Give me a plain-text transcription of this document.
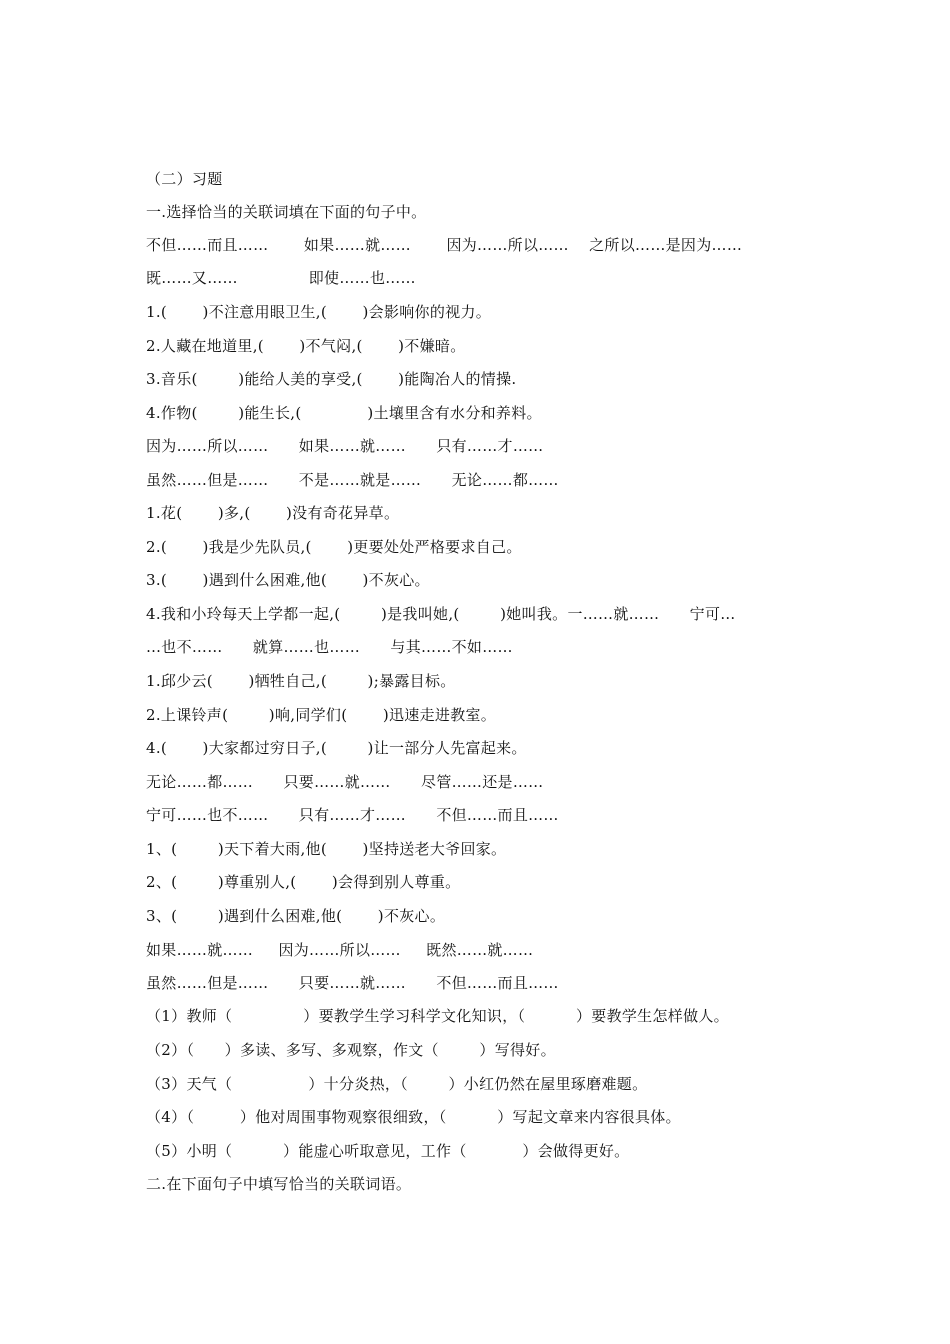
（二）习题
一.选择恰当的关联词填在下面的句子中。
不但……而且……       如果……就……       因为……所以……    之所以……是因为……
既……又……              即使……也……
1.(       )不注意用眼卫生,(       )会影响你的视力。
2.人藏在地道里,(       )不气闷,(       )不嫌暗。
3.音乐(        )能给人美的享受,(       )能陶冶人的情操.
4.作物(        )能生长,(             )土壤里含有水分和养料。
因为……所以……      如果……就……      只有……才……
虽然……但是……      不是……就是……      无论……都……
1.花(       )多,(       )没有奇花异草。
2.(       )我是少先队员,(       )更要处处严格要求自己。
3.(       )遇到什么困难,他(       )不灰心。
4.我和小玲每天上学都一起,(        )是我叫她,(        )她叫我。一……就……      宁可…
…也不……      就算……也……      与其……不如……
1.邱少云(       )牺牲自己,(        );暴露目标。
2.上课铃声(        )响,同学们(       )迅速走进教室。
4.(       )大家都过穷日子,(        )让一部分人先富起来。
无论……都……      只要……就……      尽管……还是……
宁可……也不……      只有……才……      不但……而且……
1、(        )天下着大雨,他(       )坚持送老大爷回家。
2、(        )尊重别人,(       )会得到别人尊重。
3、(        )遇到什么困难,他(       )不灰心。
如果……就……     因为……所以……     既然……就……
虽然……但是……      只要……就……      不但……而且……
（1）教师（              ）要教学生学习科学文化知识，（          ）要教学生怎样做人。
（2）（      ）多读、多写、多观察，作文（        ）写得好。
（3）天气（               ）十分炎热，（        ）小红仍然在屋里琢磨难题。
（4）（         ）他对周围事物观察很细致，（          ）写起文章来内容很具体。
（5）小明（          ）能虚心听取意见，工作（           ）会做得更好。
二.在下面句子中填写恰当的关联词语。
